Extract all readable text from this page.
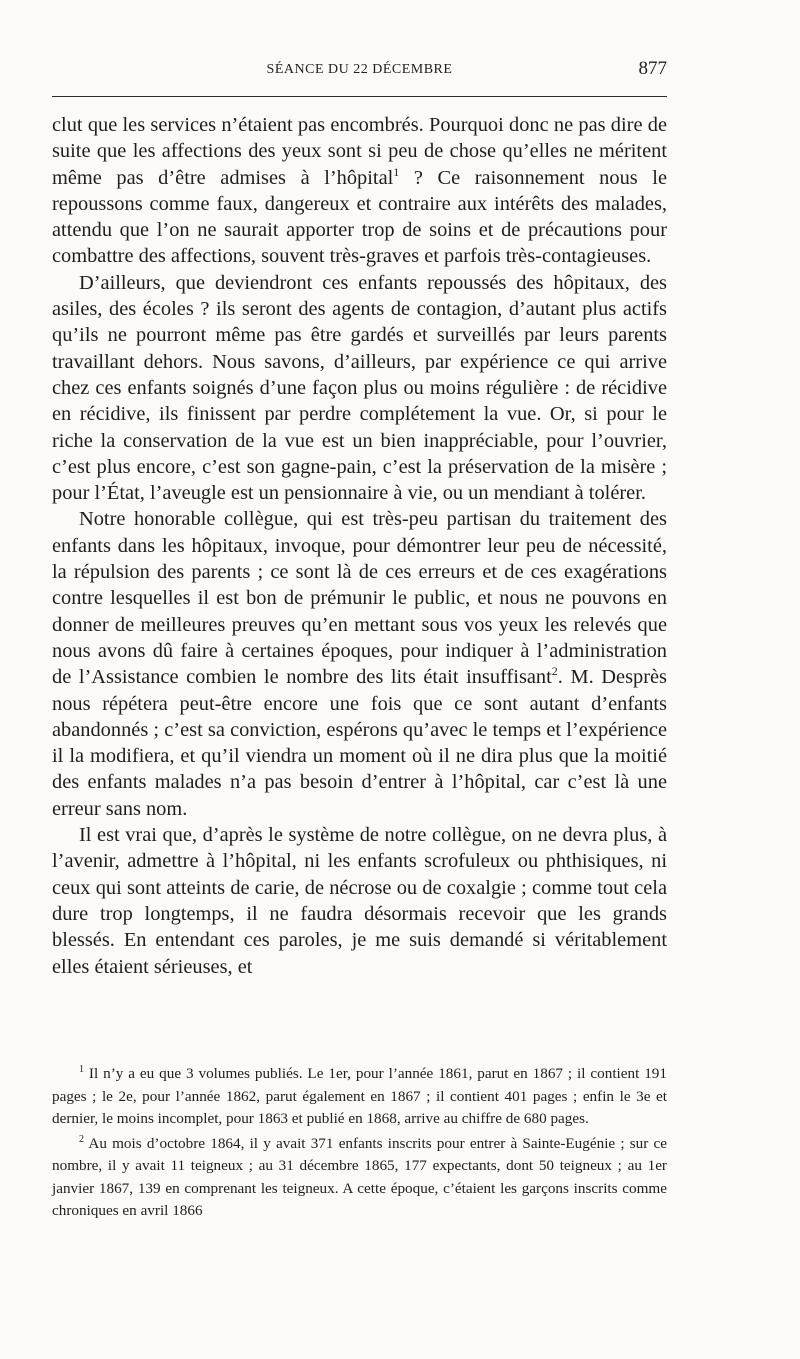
SÉANCE DU 22 DÉCEMBRE	877

clut que les services n’étaient pas encombrés. Pourquoi donc ne pas dire de suite que les affections des yeux sont si peu de chose qu’elles ne méritent même pas d’être admises à l’hôpital$^1$ ? Ce raisonnement nous le repoussons comme faux, dangereux et contraire aux intérêts des malades, attendu que l’on ne saurait apporter trop de soins et de précautions pour combattre des affections, souvent très-graves et parfois très-contagieuses.

D’ailleurs, que deviendront ces enfants repoussés des hôpitaux, des asiles, des écoles ? ils seront des agents de contagion, d’autant plus actifs qu’ils ne pourront même pas être gardés et surveillés par leurs parents travaillant dehors. Nous savons, d’ailleurs, par expérience ce qui arrive chez ces enfants soignés d’une façon plus ou moins régulière : de récidive en récidive, ils finissent par perdre complétement la vue. Or, si pour le riche la conservation de la vue est un bien inappréciable, pour l’ouvrier, c’est plus encore, c’est son gagne-pain, c’est la préservation de la misère ; pour l’État, l’aveugle est un pensionnaire à vie, ou un mendiant à tolérer.

Notre honorable collègue, qui est très-peu partisan du traitement des enfants dans les hôpitaux, invoque, pour démontrer leur peu de nécessité, la répulsion des parents ; ce sont là de ces erreurs et de ces exagérations contre lesquelles il est bon de prémunir le public, et nous ne pouvons en donner de meilleures preuves qu’en mettant sous vos yeux les relevés que nous avons dû faire à certaines époques, pour indiquer à l’administration de l’Assistance combien le nombre des lits était insuffisant$^2$. M. Desprès nous répétera peut-être encore une fois que ce sont autant d’enfants abandonnés ; c’est sa conviction, espérons qu’avec le temps et l’expérience il la modifiera, et qu’il viendra un moment où il ne dira plus que la moitié des enfants malades n’a pas besoin d’entrer à l’hôpital, car c’est là une erreur sans nom.

Il est vrai que, d’après le système de notre collègue, on ne devra plus, à l’avenir, admettre à l’hôpital, ni les enfants scrofuleux ou phthisiques, ni ceux qui sont atteints de carie, de nécrose ou de coxalgie ; comme tout cela dure trop longtemps, il ne faudra désormais recevoir que les grands blessés. En entendant ces paroles, je me suis demandé si véritablement elles étaient sérieuses, et

$^1$ Il n’y a eu que 3 volumes publiés. Le 1er, pour l’année 1861, parut en 1867 ; il contient 191 pages ; le 2e, pour l’année 1862, parut également en 1867 ; il contient 401 pages ; enfin le 3e et dernier, le moins incomplet, pour 1863 et publié en 1868, arrive au chiffre de 680 pages.

$^2$ Au mois d’octobre 1864, il y avait 371 enfants inscrits pour entrer à Sainte-Eugénie ; sur ce nombre, il y avait 11 teigneux ; au 31 décembre 1865, 177 expectants, dont 50 teigneux ; au 1er janvier 1867, 139 en comprenant les teigneux. A cette époque, c’étaient les garçons inscrits comme chroniques en avril 1866
